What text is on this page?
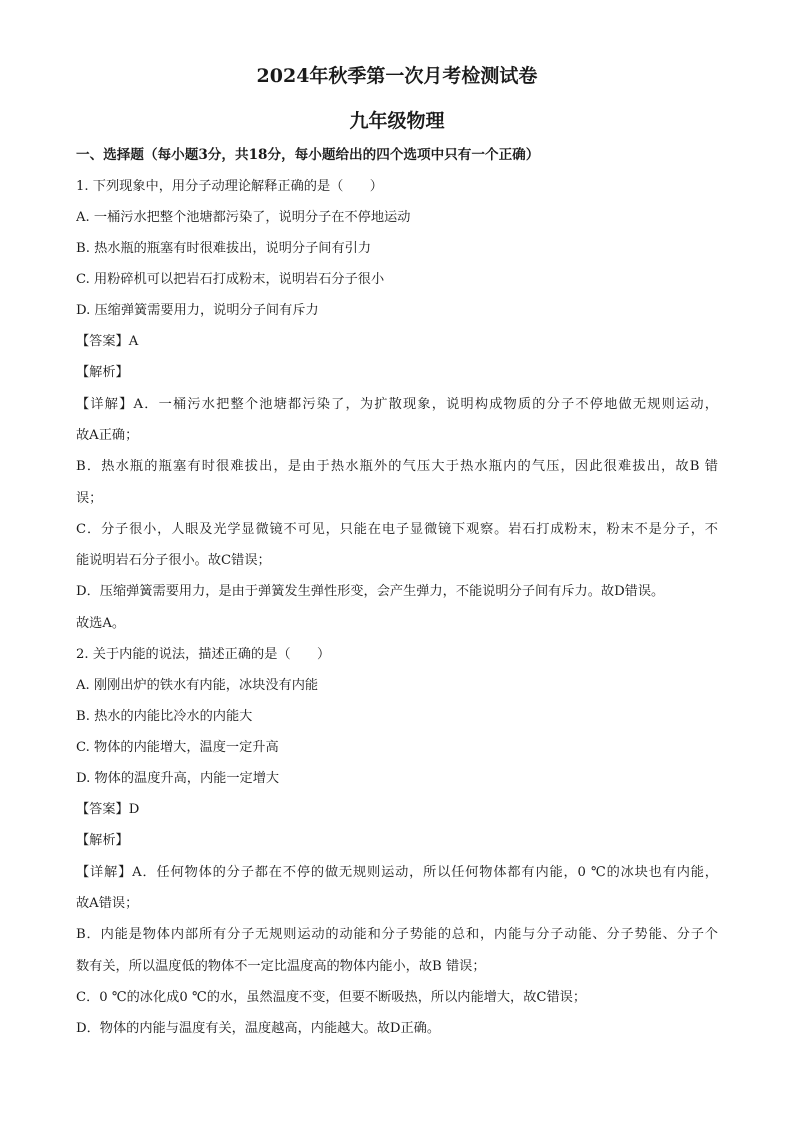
2024年秋季第一次月考检测试卷
九年级物理
一、选择题（每小题3分，共18分，每小题给出的四个选项中只有一个正确）
1. 下列现象中，用分子动理论解释正确的是（　　）
A. 一桶污水把整个池塘都污染了，说明分子在不停地运动
B. 热水瓶的瓶塞有时很难拔出，说明分子间有引力
C. 用粉碎机可以把岩石打成粉末，说明岩石分子很小
D. 压缩弹簧需要用力，说明分子间有斥力
【答案】A
【解析】
【详解】A．一桶污水把整个池塘都污染了，为扩散现象，说明构成物质的分子不停地做无规则运动，
故A正确；
B．热水瓶的瓶塞有时很难拔出，是由于热水瓶外的气压大于热水瓶内的气压，因此很难拔出，故B 错
误；
C．分子很小，人眼及光学显微镜不可见，只能在电子显微镜下观察。岩石打成粉末，粉末不是分子，不
能说明岩石分子很小。故C错误；
D．压缩弹簧需要用力，是由于弹簧发生弹性形变，会产生弹力，不能说明分子间有斥力。故D错误。
故选A。
2. 关于内能的说法，描述正确的是（　　）
A. 刚刚出炉的铁水有内能，冰块没有内能
B. 热水的内能比冷水的内能大
C. 物体的内能增大，温度一定升高
D. 物体的温度升高，内能一定增大
【答案】D
【解析】
【详解】A．任何物体的分子都在不停的做无规则运动，所以任何物体都有内能，0 ℃的冰块也有内能，
故A错误；
B．内能是物体内部所有分子无规则运动的动能和分子势能的总和，内能与分子动能、分子势能、分子个
数有关，所以温度低的物体不一定比温度高的物体内能小，故B 错误；
C．0 ℃的冰化成0 ℃的水，虽然温度不变，但要不断吸热，所以内能增大，故C错误；
D．物体的内能与温度有关，温度越高，内能越大。故D正确。
